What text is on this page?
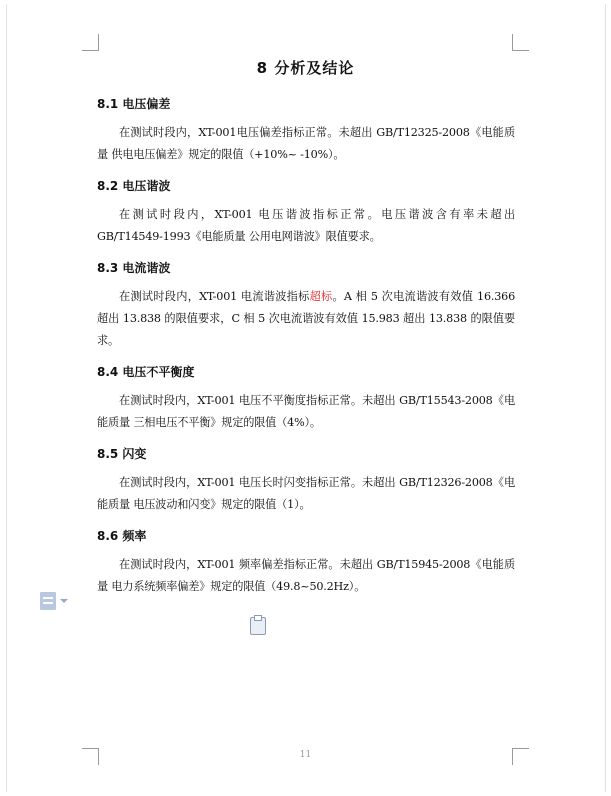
8 分析及结论
8.1 电压偏差

在测试时段内，XT-001电压偏差指标正常。未超出 GB/T12325-2008《电能质量 供电电压偏差》规定的限值（+10%~ -10%）。

8.2 电压谐波

在测试时段内，XT-001 电压谐波指标正常。电压谐波含有率未超出 GB/T14549-1993《电能质量 公用电网谐波》限值要求。

8.3 电流谐波

在测试时段内，XT-001 电流谐波指标超标。A 相 5 次电流谐波有效值 16.366 超出 13.838 的限值要求，C 相 5 次电流谐波有效值 15.983 超出 13.838 的限值要求。

8.4 电压不平衡度

在测试时段内，XT-001 电压不平衡度指标正常。未超出 GB/T15543-2008《电能质量 三相电压不平衡》规定的限值（4%）。

8.5 闪变

在测试时段内，XT-001 电压长时闪变指标正常。未超出 GB/T12326-2008《电能质量 电压波动和闪变》规定的限值（1）。

8.6 频率

在测试时段内，XT-001 频率偏差指标正常。未超出 GB/T15945-2008《电能质量 电力系统频率偏差》规定的限值（49.8~50.2Hz）。

11
